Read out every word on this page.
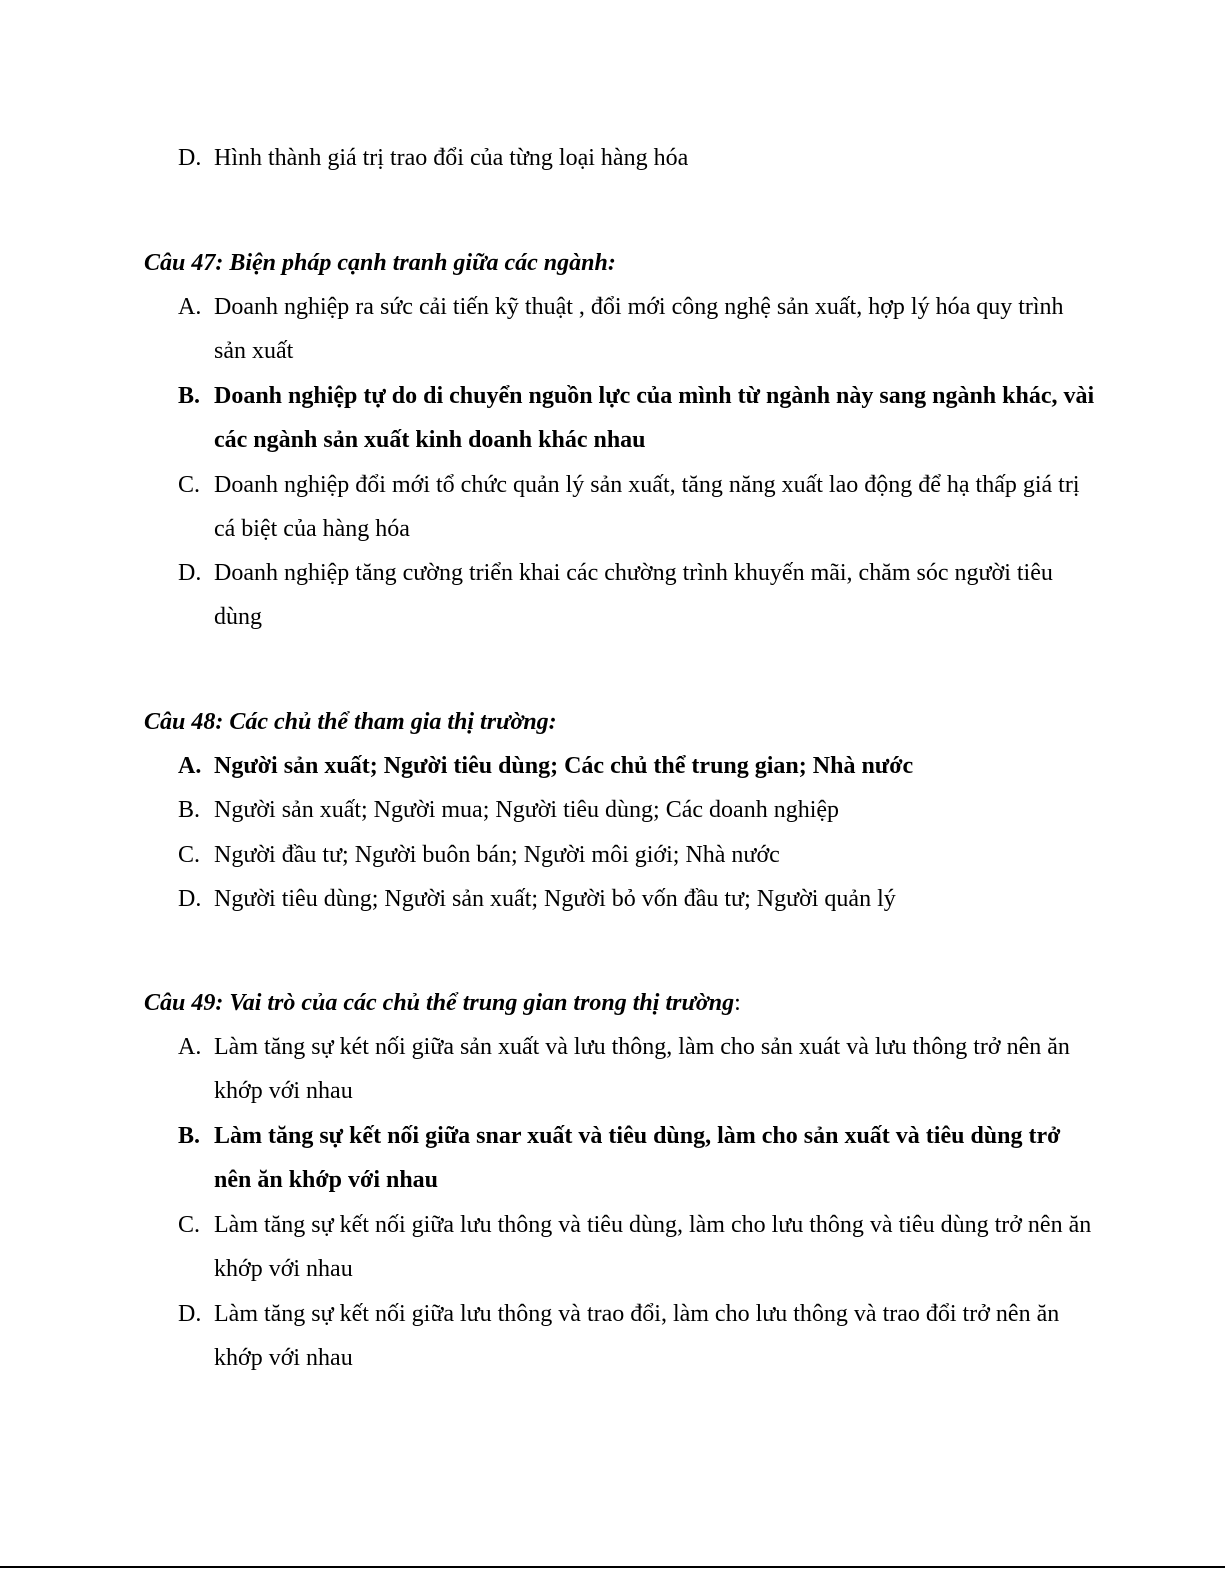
D. Hình thành giá trị trao đổi của từng loại hàng hóa
Câu 47: Biện pháp cạnh tranh giữa các ngành:
A. Doanh nghiệp ra sức cải tiến kỹ thuật , đổi mới công nghệ sản xuất, hợp lý hóa quy trình sản xuất
B. Doanh nghiệp tự do di chuyển nguồn lực của mình từ ngành này sang ngành khác, vài các ngành sản xuất kinh doanh khác nhau
C. Doanh nghiệp đổi mới tổ chức quản lý sản xuất, tăng năng xuất lao động để hạ thấp giá trị cá biệt của hàng hóa
D. Doanh nghiệp tăng cường triển khai các chường trình khuyến mãi, chăm sóc người tiêu dùng
Câu 48: Các chủ thể tham gia thị trường:
A. Người sản xuất; Người tiêu dùng; Các chủ thể trung gian; Nhà nước
B. Người sản xuất; Người mua; Người tiêu dùng; Các doanh nghiệp
C. Người đầu tư; Người buôn bán; Người môi giới; Nhà nước
D. Người tiêu dùng; Người sản xuất; Người bỏ vốn đầu tư; Người quản lý
Câu 49: Vai trò của các chủ thể trung gian trong thị trường:
A. Làm tăng sự két nối giữa sản xuất và lưu thông, làm cho sản xuát và lưu thông trở nên ăn khớp với nhau
B. Làm tăng sự kết nối giữa snar xuất và tiêu dùng, làm cho sản xuất và tiêu dùng trở nên ăn khớp với nhau
C. Làm tăng sự kết nối giữa lưu thông và tiêu dùng, làm cho lưu thông và tiêu dùng trở nên ăn khớp với nhau
D. Làm tăng sự kết nối giữa lưu thông và trao đổi, làm cho lưu thông và trao đổi trở nên ăn khớp với nhau
